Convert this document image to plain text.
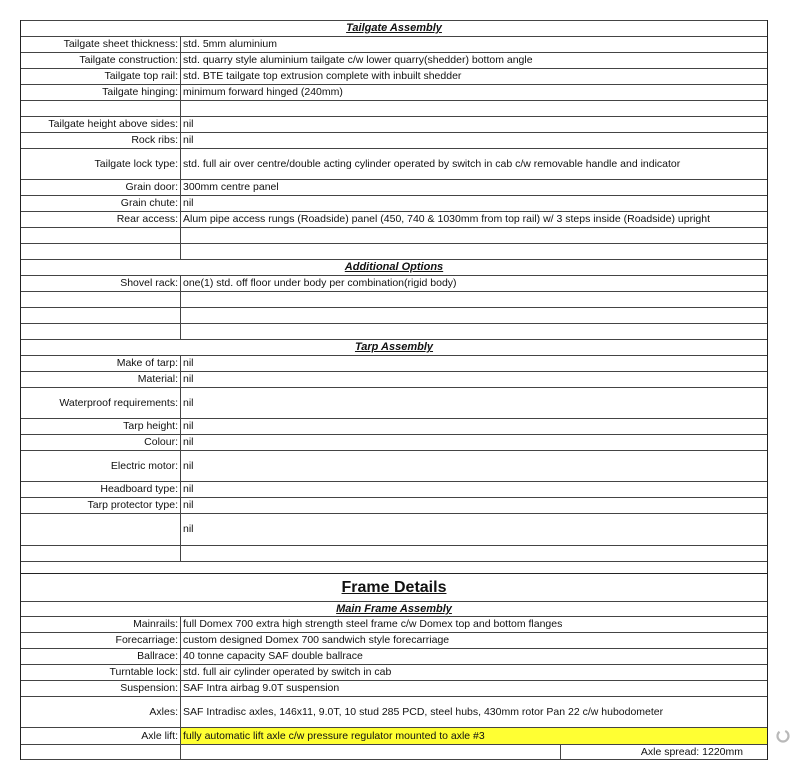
Tailgate Assembly
Tailgate sheet thickness: std. 5mm aluminium
Tailgate construction: std. quarry style aluminium tailgate c/w lower quarry(shedder) bottom angle
Tailgate top rail: std. BTE tailgate top extrusion complete with inbuilt shedder
Tailgate hinging: minimum forward hinged (240mm)
Tailgate height above sides: nil
Rock ribs: nil
Tailgate lock type: std. full air over centre/double acting cylinder operated by switch in cab c/w removable handle and indicator
Grain door: 300mm centre panel
Grain chute: nil
Rear access: Alum pipe access rungs (Roadside) panel (450, 740 & 1030mm from top rail) w/ 3 steps inside (Roadside) upright
Additional Options
Shovel rack: one(1) std. off floor under body per combination(rigid body)
Tarp Assembly
Make of tarp: nil
Material: nil
Waterproof requirements: nil
Tarp height: nil
Colour: nil
Electric motor: nil
Headboard type: nil
Tarp protector type: nil
nil
Frame Details
Main Frame Assembly
Mainrails: full Domex 700 extra high strength steel frame c/w Domex top and bottom flanges
Forecarriage: custom designed Domex 700 sandwich style forecarriage
Ballrace: 40 tonne capacity SAF double ballrace
Turntable lock: std. full air cylinder operated by switch in cab
Suspension: SAF Intra airbag 9.0T suspension
Axles: SAF Intradisc axles, 146x11, 9.0T, 10 stud 285 PCD, steel hubs, 430mm rotor Pan 22 c/w hubodometer
Axle lift: fully automatic lift axle c/w pressure regulator mounted to axle #3
Axle spread: 1220mm
